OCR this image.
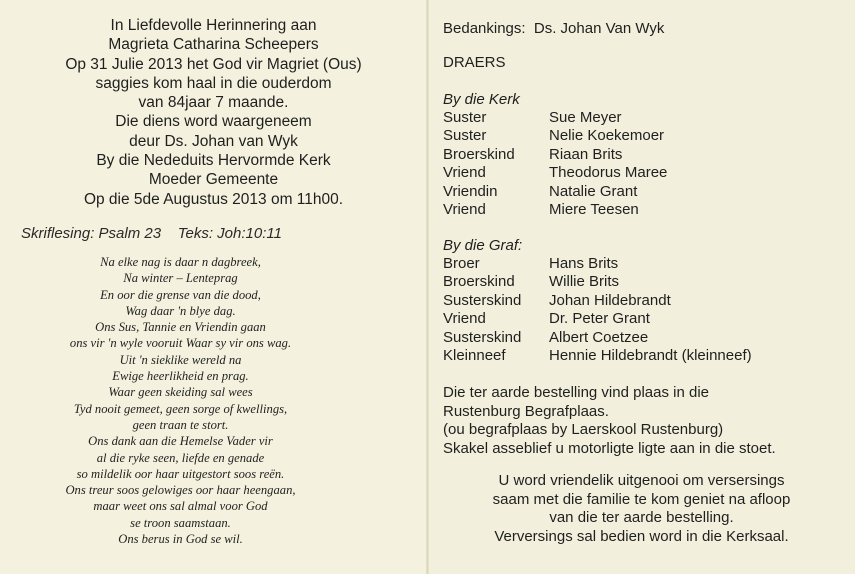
In Liefdevolle Herinnering aan
Magrieta Catharina Scheepers
Op 31 Julie 2013 het God vir Magriet (Ous)
saggies kom haal in die ouderdom
van 84jaar 7 maande.
Die diens word waargeneem
deur Ds. Johan van Wyk
By die Nededuits Hervormde Kerk
Moeder Gemeente
Op die 5de Augustus 2013 om 11h00.
Skriflesing: Psalm 23    Teks: Joh:10:11
Na elke nag is daar n dagbreek,
Na winter – Lenteprag
En oor die grense van die dood,
Wag daar 'n blye dag.
Ons Sus, Tannie en Vriendin gaan
ons vir 'n wyle vooruit Waar sy vir ons wag.
Uit 'n sieklike wereld na
Ewige heerlikheid en prag.
Waar geen skeiding sal wees
Tyd nooit gemeet, geen sorge of kwellings,
geen traan te stort.
Ons dank aan die Hemelse Vader vir
al die ryke seen, liefde en genade
so mildelik oor haar uitgestort soos reën.
Ons treur soos gelowiges oor haar heengaan,
maar weet ons sal almal voor God
se troon saamstaan.
Ons berus in God se wil.
Bedankings:  Ds. Johan Van Wyk
DRAERS
By die Kerk
Suster	Sue Meyer
Suster	Nelie Koekemoer
Broerskind	Riaan Brits
Vriend	Theodorus Maree
Vriendin	Natalie Grant
Vriend	Miere Teesen
By die Graf:
Broer	Hans Brits
Broerskind	Willie Brits
Susterskind	Johan Hildebrandt
Vriend	Dr. Peter Grant
Susterskind	Albert Coetzee
Kleinneef	Hennie Hildebrandt (kleinneef)
Die ter aarde bestelling vind plaas in die
Rustenburg Begrafplaas.
(ou begrafplaas by Laerskool Rustenburg)
Skakel asseblief u motorligte ligte aan in die stoet.
U word vriendelik uitgenooi om versersings
saam met die familie te kom geniet na afloop
van die ter aarde bestelling.
Verversings sal bedien word in die Kerksaal.
